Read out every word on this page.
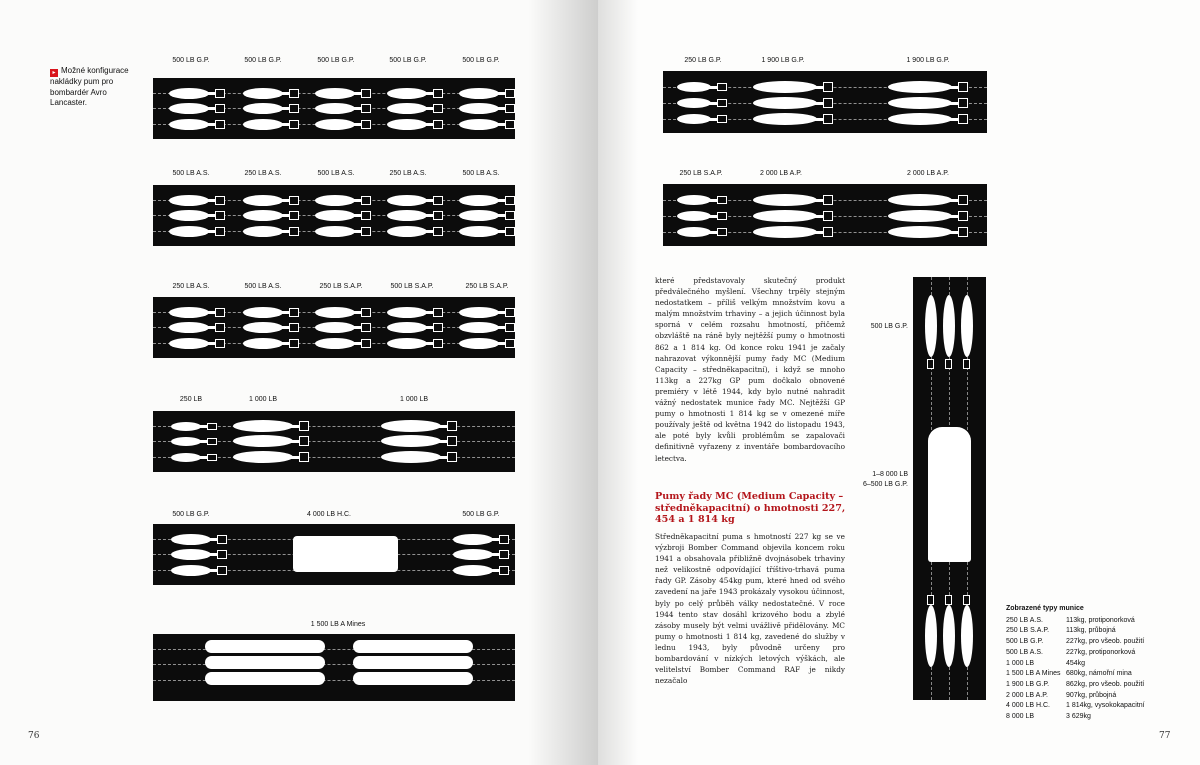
▸ Možné konfigurace nakládky pum pro bombardér Avro Lancaster.
500 LB G.P.	500 LB G.P.	500 LB G.P.	500 LB G.P.	500 LB G.P.
500 LB A.S.	250 LB A.S.	500 LB A.S.	250 LB A.S.	500 LB A.S.
250 LB A.S.	500 LB A.S.	250 LB S.A.P.	500 LB S.A.P.	250 LB S.A.P.
250 LB	1 000 LB	1 000 LB
500 LB G.P.	4 000 LB H.C.	500 LB G.P.
1 500 LB A Mines
76
250 LB G.P.	1 900 LB G.P.	1 900 LB G.P.
250 LB S.A.P.	2 000 LB A.P.	2 000 LB A.P.
které představovaly skutečný produkt předválečného myšlení. Všechny trpěly stejným nedostatkem – příliš velkým množstvím kovu a malým množstvím trhaviny – a jejich účinnost byla sporná v celém rozsahu hmotností, přičemž obzvláště na ráně byly nejtěžší pumy o hmotnosti 862 a 1 814 kg. Od konce roku 1941 je začaly nahrazovat výkonnější pumy řady MC (Medium Capacity – středněkapacitní), i když se mnoho 113kg a 227kg GP pum dočkalo obnovené premiéry v létě 1944, kdy bylo nutné nahradit vážný nedostatek munice řady MC. Nejtěžší GP pumy o hmotnosti 1 814 kg se v omezené míře používaly ještě od května 1942 do listopadu 1943, ale poté byly kvůli problémům se zapalovači definitivně vyřazeny z inventáře bombardovacího letectva.
Pumy řady MC (Medium Capacity – středněkapacitní) o hmotnosti 227, 454 a 1 814 kg
Středněkapacitní puma s hmotností 227 kg se ve výzbroji Bomber Command objevila koncem roku 1941 a obsahovala přibližně dvojnásobek trhaviny než velikostně odpovídající tříštivo-trhavá puma řady GP. Zásoby 454kg pum, které hned od svého zavedení na jaře 1943 prokázaly vysokou účinnost, byly po celý průběh války nedostatečné. V roce 1944 tento stav dosáhl krizového bodu a zbylé zásoby musely být velmi uvážlivě přidělovány. MC pumy o hmotnosti 1 814 kg, zavedené do služby v lednu 1943, byly původně určeny pro bombardování v nízkých letových výškách, ale velitelství Bomber Command RAF je nikdy nezačalo
500 LB G.P.
1–8 000 LB
6–500 LB G.P.
Zobrazené typy munice
250 LB A.S.	113kg, protiponorková
250 LB S.A.P.	113kg, průbojná
500 LB G.P.	227kg, pro všeob. použití
500 LB A.S.	227kg, protiponorková
1 000 LB	454kg
1 500 LB A Mines 680kg, námořní mina
1 900 LB G.P.	862kg, pro všeob. použití
2 000 LB A.P.	907kg, průbojná
4 000 LB H.C.	1 814kg, vysokokapacitní
8 000 LB	3 629kg
77
